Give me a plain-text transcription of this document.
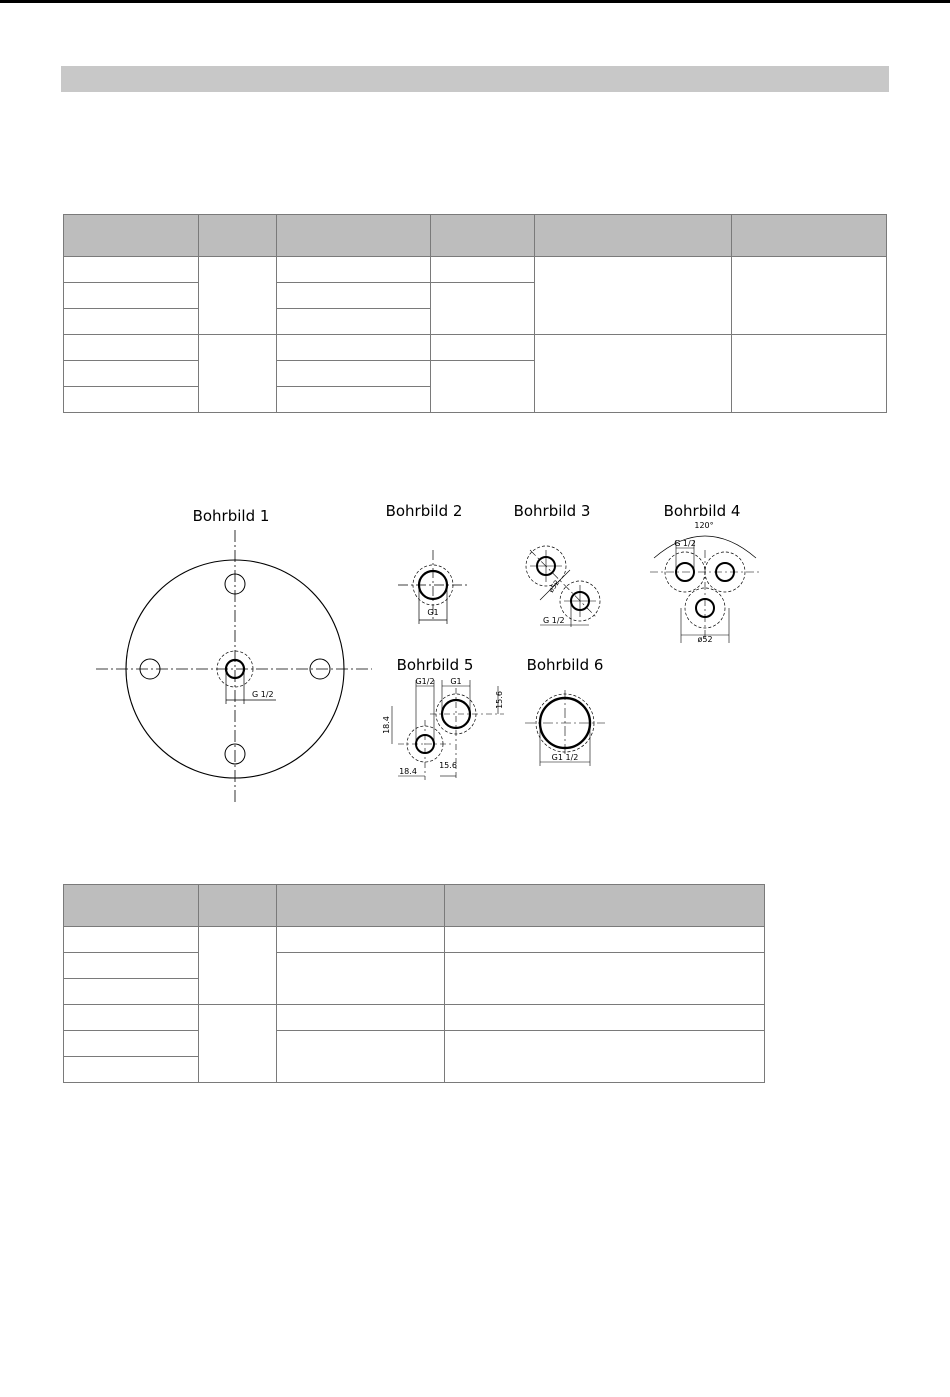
Bohrbild 1
G 1/2
Bohrbild 2
G1
Bohrbild 3
ø52
G 1/2
Bohrbild 4
120°
G 1/2
ø52
Bohrbild 5
G1/2 G1
18.4
15.6
18.4
15.6
Bohrbild 6
G1 1/2
